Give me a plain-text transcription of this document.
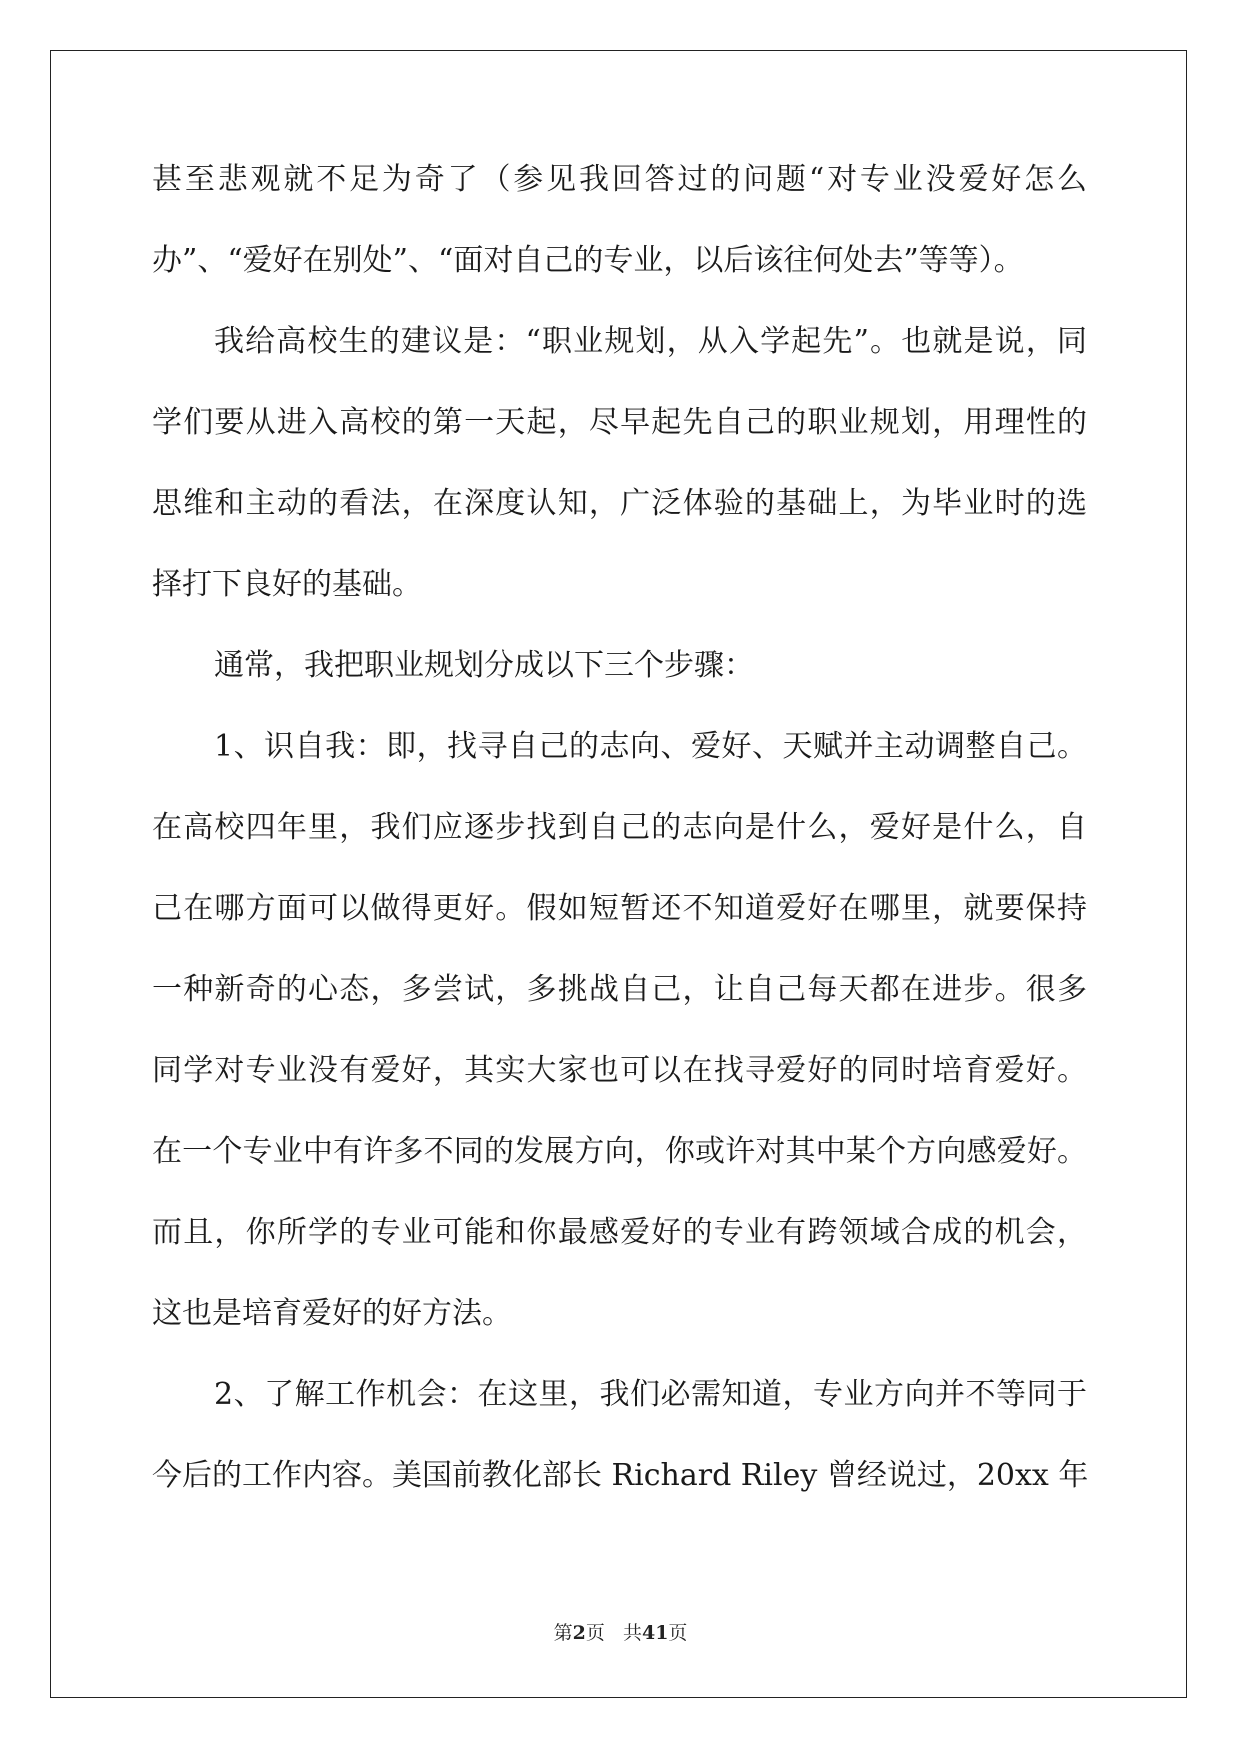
甚至悲观就不足为奇了（参见我回答过的问题“对专业没爱好怎么
办”、“爱好在别处”、“面对自己的专业，以后该往何处去”等等）。
我给高校生的建议是：“职业规划，从入学起先”。也就是说，同
学们要从进入高校的第一天起，尽早起先自己的职业规划，用理性的
思维和主动的看法，在深度认知，广泛体验的基础上，为毕业时的选
择打下良好的基础。
通常，我把职业规划分成以下三个步骤：
1、识自我：即，找寻自己的志向、爱好、天赋并主动调整自己。
在高校四年里，我们应逐步找到自己的志向是什么，爱好是什么，自
己在哪方面可以做得更好。假如短暂还不知道爱好在哪里，就要保持
一种新奇的心态，多尝试，多挑战自己，让自己每天都在进步。很多
同学对专业没有爱好，其实大家也可以在找寻爱好的同时培育爱好。
在一个专业中有许多不同的发展方向，你或许对其中某个方向感爱好。
而且，你所学的专业可能和你最感爱好的专业有跨领域合成的机会，
这也是培育爱好的好方法。
2、了解工作机会：在这里，我们必需知道，专业方向并不等同于
今后的工作内容。美国前教化部长 Richard Riley 曾经说过，20xx 年
第2页 共41页
